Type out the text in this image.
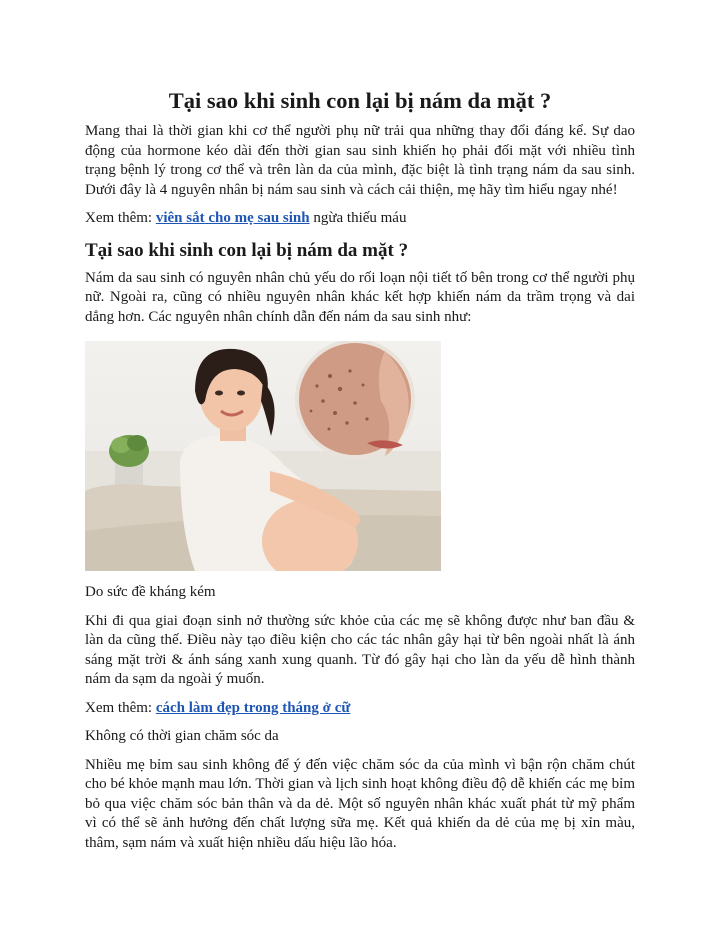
Tại sao khi sinh con lại bị nám da mặt ?

Mang thai là thời gian khi cơ thể người phụ nữ trải qua những thay đổi đáng kể. Sự dao động của hormone kéo dài đến thời gian sau sinh khiến họ phải đối mặt với nhiều tình trạng bệnh lý trong cơ thể và trên làn da của mình, đặc biệt là tình trạng nám da sau sinh. Dưới đây là 4 nguyên nhân bị nám sau sinh và cách cải thiện, mẹ hãy tìm hiểu ngay nhé!

Xem thêm: viên sắt cho mẹ sau sinh ngừa thiếu máu

Tại sao khi sinh con lại bị nám da mặt ?

Nám da sau sinh có nguyên nhân chủ yếu do rối loạn nội tiết tố bên trong cơ thể người phụ nữ. Ngoài ra, cũng có nhiều nguyên nhân khác kết hợp khiến nám da trầm trọng và dai dẳng hơn. Các nguyên nhân chính dẫn đến nám da sau sinh như:

Do sức đề kháng kém

Khi đi qua giai đoạn sinh nở thường sức khỏe của các mẹ sẽ không được như ban đầu & làn da cũng thế. Điều này tạo điều kiện cho các tác nhân gây hại từ bên ngoài nhất là ánh sáng mặt trời & ánh sáng xanh xung quanh. Từ đó gây hại cho làn da yếu dễ hình thành nám da sạm da ngoài ý muốn.

Xem thêm: cách làm đẹp trong tháng ở cữ

Không có thời gian chăm sóc da

Nhiều mẹ bỉm sau sinh không để ý đến việc chăm sóc da của mình vì bận rộn chăm chút cho bé khỏe mạnh mau lớn. Thời gian và lịch sinh hoạt không điều độ dễ khiến các mẹ bỉm bỏ qua việc chăm sóc bản thân và da dẻ. Một số nguyên nhân khác xuất phát từ mỹ phẩm vì có thể sẽ ảnh hưởng đến chất lượng sữa mẹ. Kết quả khiến da dẻ của mẹ bị xỉn màu, thâm, sạm nám và xuất hiện nhiều dấu hiệu lão hóa.
